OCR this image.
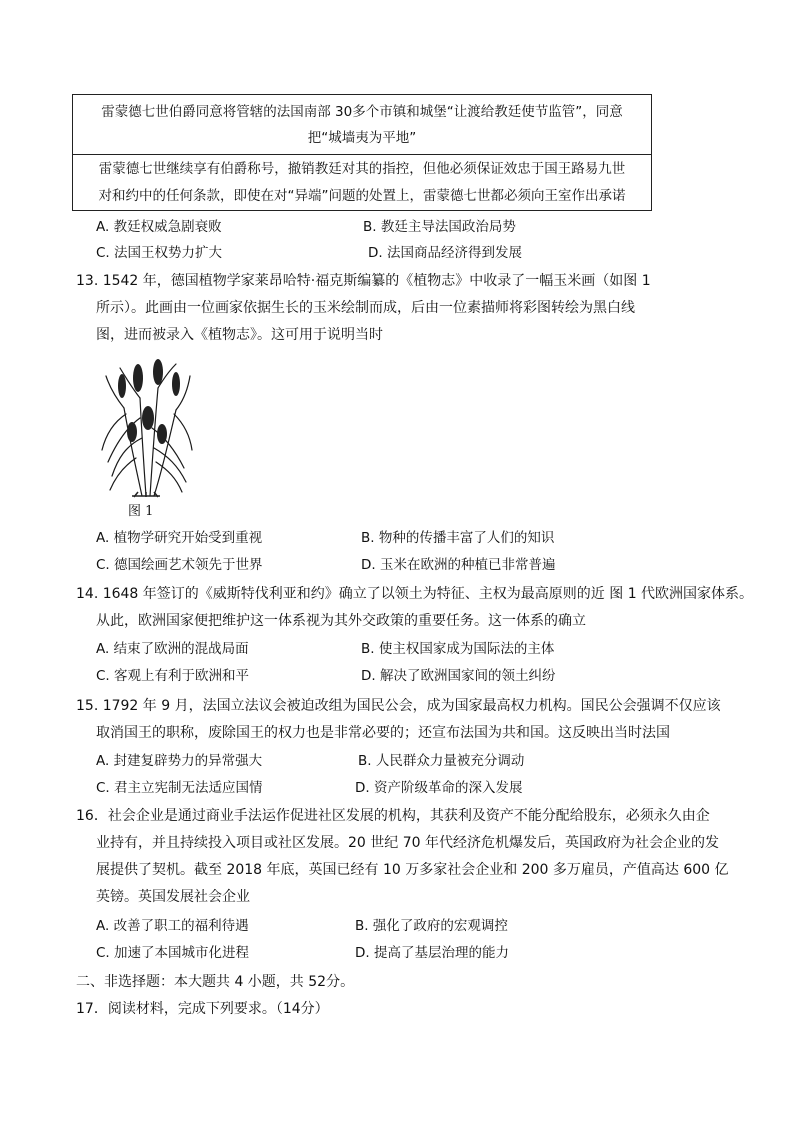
雷蒙德七世伯爵同意将管辖的法国南部 30多个市镇和城堡“让渡给教廷使节监管”，同意
把“城墙夷为平地”
雷蒙德七世继续享有伯爵称号，撤销教廷对其的指控，但他必须保证效忠于国王路易九世
对和约中的任何条款，即使在对“异端”问题的处置上，雷蒙德七世都必须向王室作出承诺
A. 教廷权威急剧衰败	B. 教廷主导法国政治局势
C. 法国王权势力扩大	D. 法国商品经济得到发展
13. 1542 年，德国植物学家莱昂哈特·福克斯编纂的《植物志》中收录了一幅玉米画（如图 1
所示）。此画由一位画家依据生长的玉米绘制而成，后由一位素描师将彩图转绘为黑白线
图，进而被录入《植物志》。这可用于说明当时
图 1
A. 植物学研究开始受到重视	B. 物种的传播丰富了人们的知识
C. 德国绘画艺术领先于世界	D. 玉米在欧洲的种植已非常普遍
14. 1648 年签订的《威斯特伐利亚和约》确立了以领土为特征、主权为最高原则的近 图 1 代欧洲国家体系。
从此，欧洲国家便把维护这一体系视为其外交政策的重要任务。这一体系的确立
A. 结束了欧洲的混战局面	B. 使主权国家成为国际法的主体
C. 客观上有利于欧洲和平	D. 解决了欧洲国家间的领土纠纷
15. 1792 年 9 月，法国立法议会被迫改组为国民公会，成为国家最高权力机构。国民公会强调不仅应该
取消国王的职称，废除国王的权力也是非常必要的；还宣布法国为共和国。这反映出当时法国
A. 封建复辟势力的异常强大	B. 人民群众力量被充分调动
C. 君主立宪制无法适应国情	D. 资产阶级革命的深入发展
16．社会企业是通过商业手法运作促进社区发展的机构，其获利及资产不能分配给股东，必须永久由企
业持有，并且持续投入项目或社区发展。20 世纪 70 年代经济危机爆发后，英国政府为社会企业的发
展提供了契机。截至 2018 年底，英国已经有 10 万多家社会企业和 200 多万雇员，产值高达 600 亿
英镑。英国发展社会企业
A. 改善了职工的福利待遇	B. 强化了政府的宏观调控
C. 加速了本国城市化进程	D. 提高了基层治理的能力
二、非选择题：本大题共 4 小题，共 52分。
17．阅读材料，完成下列要求。（14分）
